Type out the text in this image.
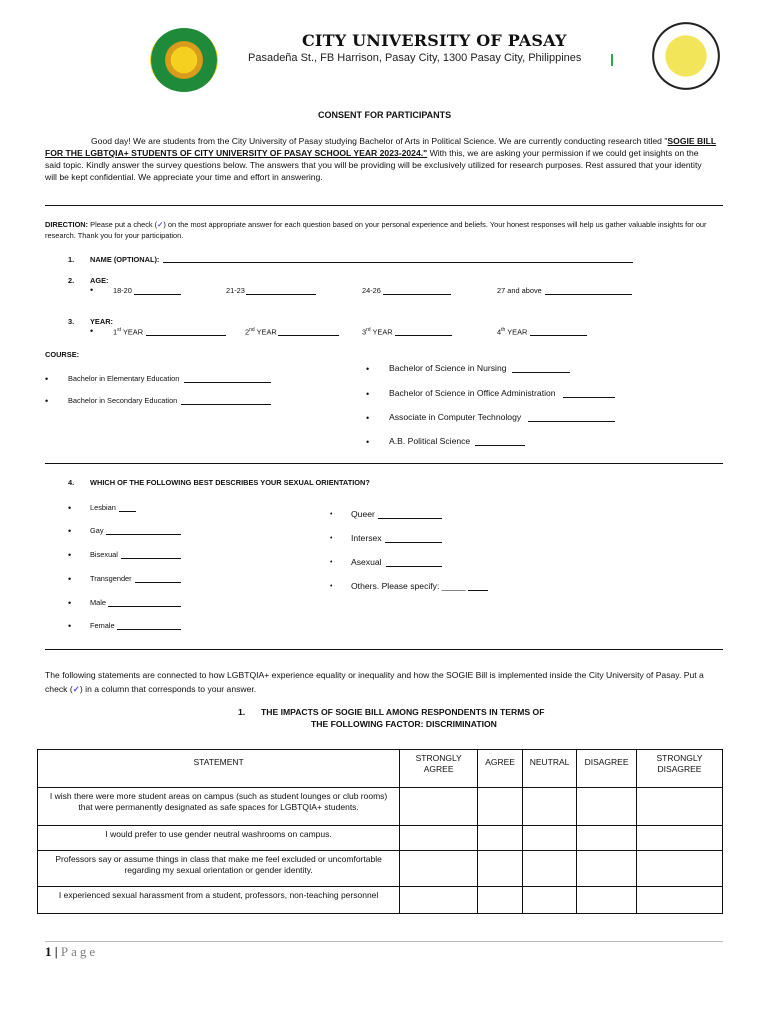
CITY UNIVERSITY OF PASAY
Pasadeña St., FB Harrison, Pasay City, 1300 Pasay City, Philippines
CONSENT FOR PARTICIPANTS
Good day! We are students from the City University of Pasay studying Bachelor of Arts in Political Science. We are currently conducting research titled "SOGIE BILL
FOR THE LGBTQIA+ STUDENTS OF CITY UNIVERSITY OF PASAY SCHOOL YEAR 2023-2024." With this, we are asking your permission if we could get insights on the
said topic. Kindly answer the survey questions below. The answers that you will be providing will be exclusively utilized for research purposes. Rest assured that your identity
will be kept confidential. We appreciate your time and effort in answering.
DIRECTION: Please put a check (✓) on the most appropriate answer for each question based on your personal experience and beliefs. Your honest responses will help us gather valuable insights for our
research. Thank you for your participation.
1. NAME (OPTIONAL):
2. AGE:
•	18-20	21-23	24-26	27 and above
3. YEAR:
•	1st YEAR	2nd YEAR	3rd YEAR	4th YEAR
COURSE:
•	Bachelor in Elementary Education
•	Bachelor in Secondary Education
• Bachelor of Science in Nursing
• Bachelor of Science in Office Administration
• Associate in Computer Technology
• A.B. Political Science
4. WHICH OF THE FOLLOWING BEST DESCRIBES YOUR SEXUAL ORIENTATION?
•	Lesbian
•	Gay
•	Bisexual
•	Transgender
•	Male
•	Female
• Queer
• Intersex
• Asexual
• Others. Please specify: _____
The following statements are connected to how LGBTQIA+ experience equality or inequality and how the SOGIE Bill is implemented inside the City University of Pasay. Put a
check (✓) in a column that corresponds to your answer.
1. THE IMPACTS OF SOGIE BILL AMONG RESPONDENTS IN TERMS OF
THE FOLLOWING FACTOR: DISCRIMINATION
STATEMENT	STRONGLY AGREE	AGREE	NEUTRAL	DISAGREE	STRONGLY DISAGREE
I wish there were more student areas on campus (such as student lounges or club rooms) that were permanently designated as safe spaces for LGBTQIA+ students.					
I would prefer to use gender neutral washrooms on campus.					
Professors say or assume things in class that make me feel excluded or uncomfortable regarding my sexual orientation or gender identity.					
I experienced sexual harassment from a student, professors, non-teaching personnel					
1 | Page
